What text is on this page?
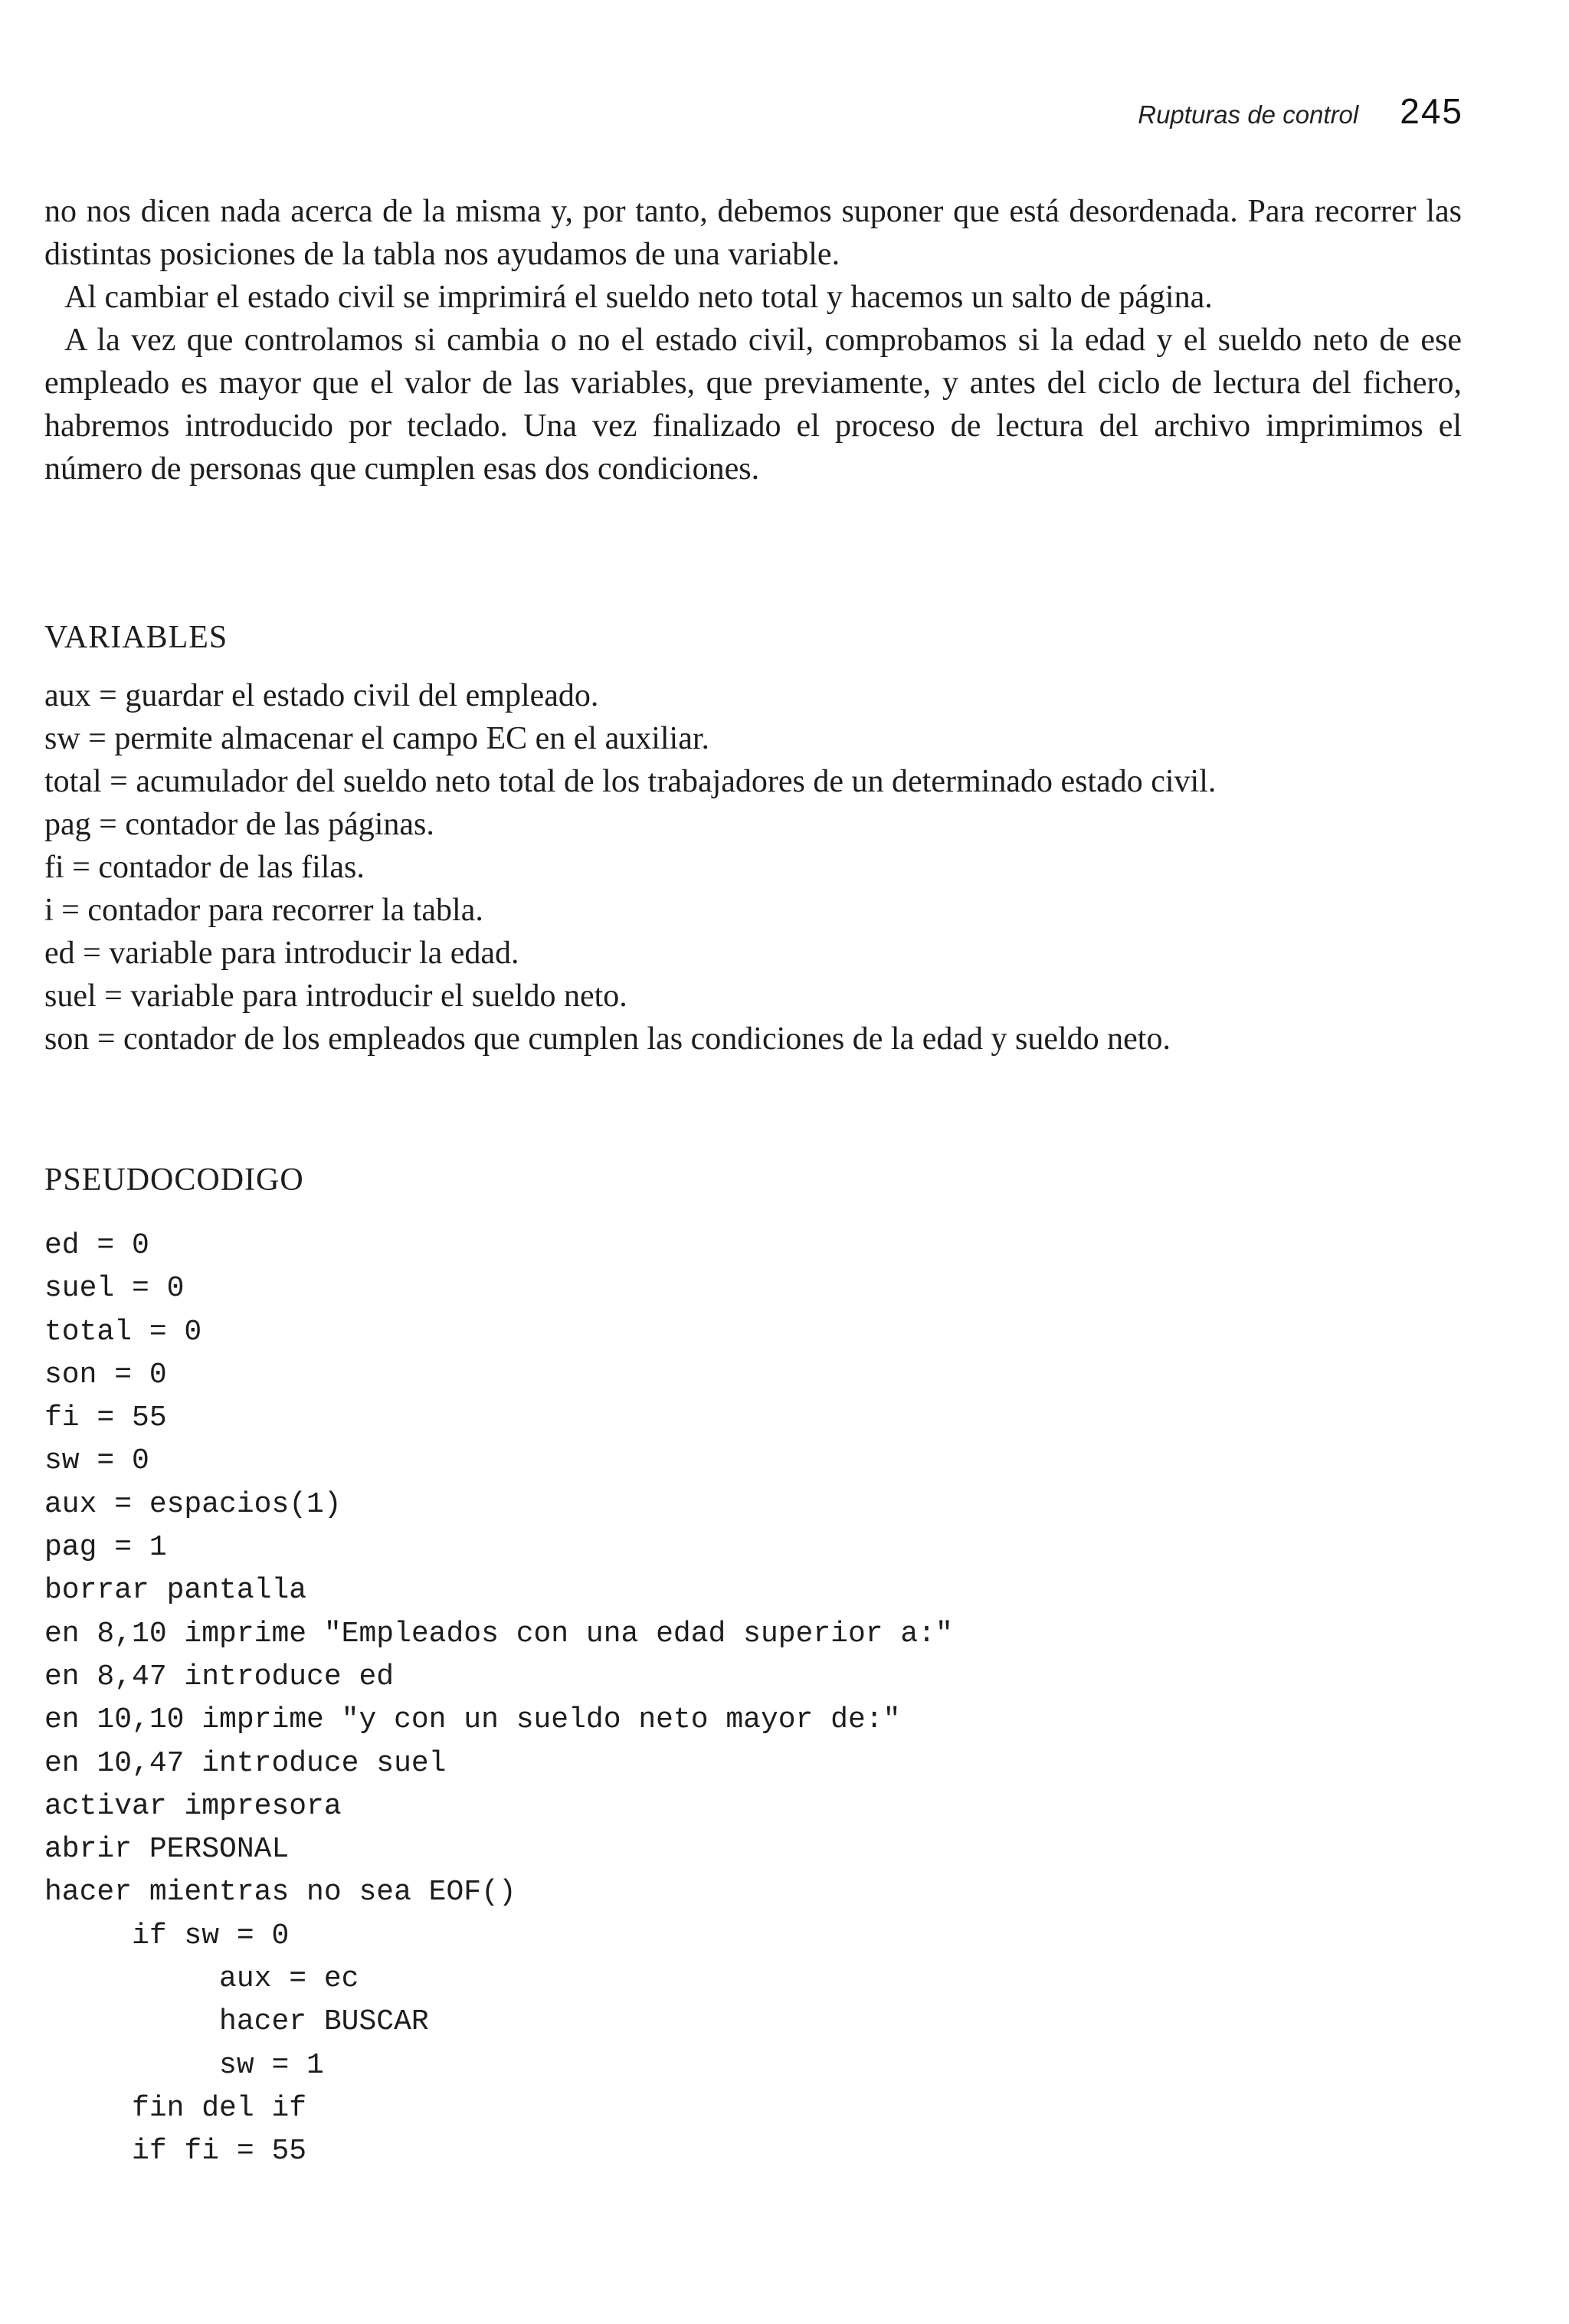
Rupturas de control 245

no nos dicen nada acerca de la misma y, por tanto, debemos suponer que está desordenada. Para recorrer las distintas posiciones de la tabla nos ayudamos de una variable.

Al cambiar el estado civil se imprimirá el sueldo neto total y hacemos un salto de página.

A la vez que controlamos si cambia o no el estado civil, comprobamos si la edad y el sueldo neto de ese empleado es mayor que el valor de las variables, que previamente, y antes del ciclo de lectura del fichero, habremos introducido por teclado. Una vez finalizado el proceso de lectura del archivo imprimimos el número de personas que cumplen esas dos condiciones.

VARIABLES
aux = guardar el estado civil del empleado.
sw = permite almacenar el campo EC en el auxiliar.
total = acumulador del sueldo neto total de los trabajadores de un determinado estado civil.
pag = contador de las páginas.
fi = contador de las filas.
i = contador para recorrer la tabla.
ed = variable para introducir la edad.
suel = variable para introducir el sueldo neto.
son = contador de los empleados que cumplen las condiciones de la edad y sueldo neto.
PSEUDOCODIGO
ed = 0
suel = 0
total = 0
son = 0
fi = 55
sw = 0
aux = espacios(1)
pag = 1
borrar pantalla
en 8,10 imprime "Empleados con una edad superior a:"
en 8,47 introduce ed
en 10,10 imprime "y con un sueldo neto mayor de:"
en 10,47 introduce suel
activar impresora
abrir PERSONAL
hacer mientras no sea EOF()
if sw = 0
aux = ec
hacer BUSCAR
sw = 1
fin del if
if fi = 55
